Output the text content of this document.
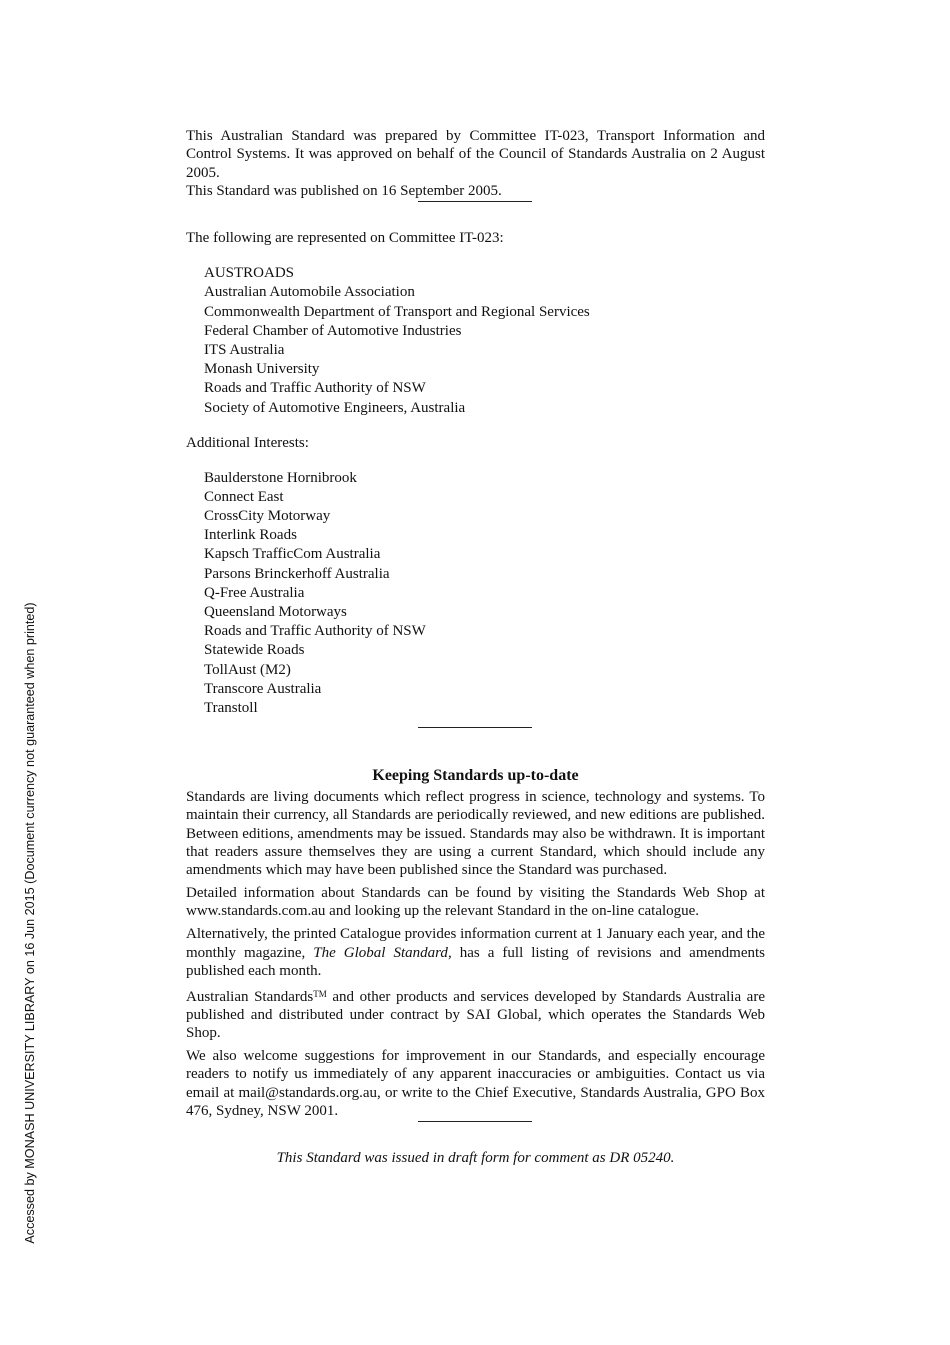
Accessed by MONASH UNIVERSITY LIBRARY on 16 Jun 2015 (Document currency not guaranteed when printed)

This Australian Standard was prepared by Committee IT-023, Transport Information and Control Systems. It was approved on behalf of the Council of Standards Australia on 2 August 2005.

This Standard was published on 16 September 2005.

The following are represented on Committee IT-023:

AUSTROADS
Australian Automobile Association
Commonwealth Department of Transport and Regional Services
Federal Chamber of Automotive Industries
ITS Australia
Monash University
Roads and Traffic Authority of NSW
Society of Automotive Engineers, Australia

Additional Interests:

Baulderstone Hornibrook
Connect East
CrossCity Motorway
Interlink Roads
Kapsch TrafficCom Australia
Parsons Brinckerhoff Australia
Q-Free Australia
Queensland Motorways
Roads and Traffic Authority of NSW
Statewide Roads
TollAust (M2)
Transcore Australia
Transtoll
Keeping Standards up-to-date

Standards are living documents which reflect progress in science, technology and systems. To maintain their currency, all Standards are periodically reviewed, and new editions are published. Between editions, amendments may be issued. Standards may also be withdrawn. It is important that readers assure themselves they are using a current Standard, which should include any amendments which may have been published since the Standard was purchased.

Detailed information about Standards can be found by visiting the Standards Web Shop at www.standards.com.au and looking up the relevant Standard in the on-line catalogue.

Alternatively, the printed Catalogue provides information current at 1 January each year, and the monthly magazine, The Global Standard, has a full listing of revisions and amendments published each month.

Australian Standards™ and other products and services developed by Standards Australia are published and distributed under contract by SAI Global, which operates the Standards Web Shop.

We also welcome suggestions for improvement in our Standards, and especially encourage readers to notify us immediately of any apparent inaccuracies or ambiguities. Contact us via email at mail@standards.org.au, or write to the Chief Executive, Standards Australia, GPO Box 476, Sydney, NSW 2001.

This Standard was issued in draft form for comment as DR 05240.
